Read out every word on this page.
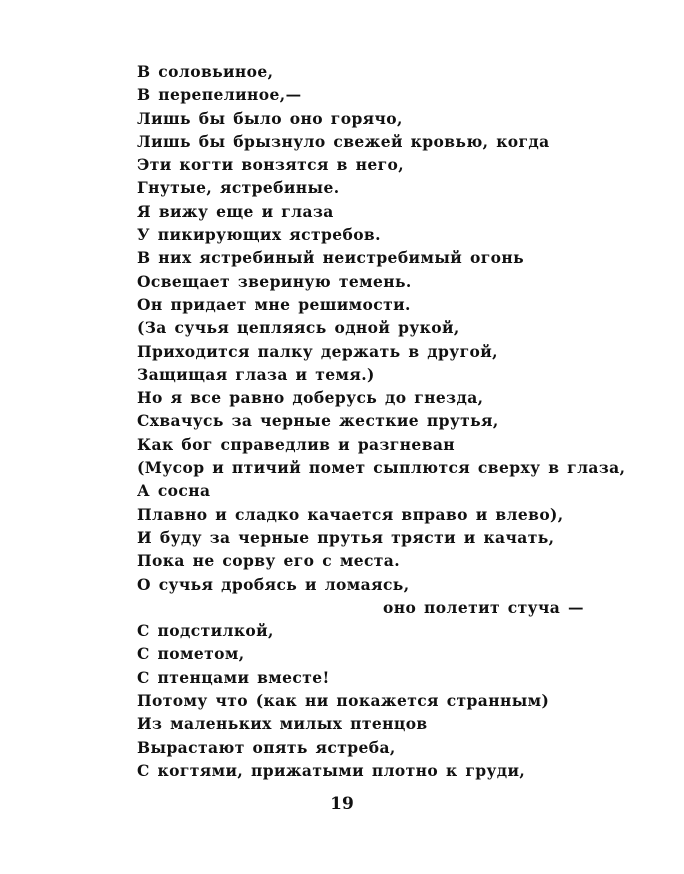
В соловьиное,
В перепелиное,—
Лишь бы было оно горячо,
Лишь бы брызнуло свежей кровью, когда
Эти когти вонзятся в него,
Гнутые, ястребиные.
Я вижу еще и глаза
У пикирующих ястребов.
В них ястребиный неистребимый огонь
Освещает звериную темень.
Он придает мне решимости.
(За сучья цепляясь одной рукой,
Приходится палку держать в другой,
Защищая глаза и темя.)
Но я все равно доберусь до гнезда,
Схвачусь за черные жесткие прутья,
Как бог справедлив и разгневан
(Мусор и птичий помет сыплются сверху в глаза,
А сосна
Плавно и сладко качается вправо и влево),
И буду за черные прутья трясти и качать,
Пока не сорву его с места.
О сучья дробясь и ломаясь,
оно полетит стуча —
С подстилкой,
С пометом,
С птенцами вместе!
Потому что (как ни покажется странным)
Из маленьких милых птенцов
Вырастают опять ястреба,
С когтями, прижатыми плотно к груди,
19
